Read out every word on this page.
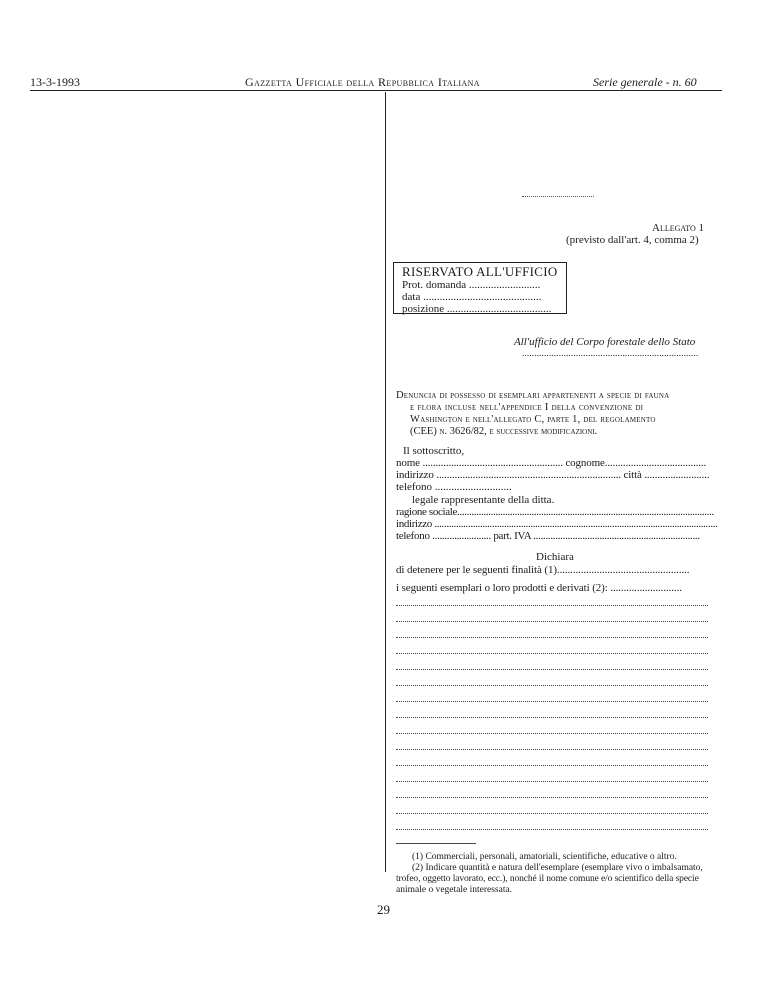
13-3-1993	Gazzetta Ufficiale della Repubblica Italiana	Serie generale - n. 60
Allegato 1
(previsto dall'art. 4, comma 2)
RISERVATO ALL'UFFICIO
Prot. domanda ..........................
data ...........................................
posizione ......................................
All'ufficio del Corpo forestale dello Stato
........................................................................
Denuncia di possesso di esemplari appartenenti a specie di fauna
e flora incluse nell'appendice I della convenzione di
Washington e nell'allegato C, parte 1, del regolamento
(CEE) n. 3626/82, e successive modificazioni.
Il sottoscritto,
nome ...................................................... cognome.......................................
indirizzo ....................................................................... città .........................
telefono ............................
legale rappresentante della ditta.
ragione sociale...........................................................................................................
indirizzo ......................................................................................................................
telefono ........................ part. IVA ....................................................................
Dichiara
di detenere per le seguenti finalità (1)..................................................
i seguenti esemplari o loro prodotti e derivati (2): ...........................
(1) Commerciali, personali, amatoriali, scientifiche, educative o altro.
(2) Indicare quantità e natura dell'esemplare (esemplare vivo o imbalsamato,
trofeo, oggetto lavorato, ecc.), nonché il nome comune e/o scientifico della specie
animale o vegetale interessata.
29
